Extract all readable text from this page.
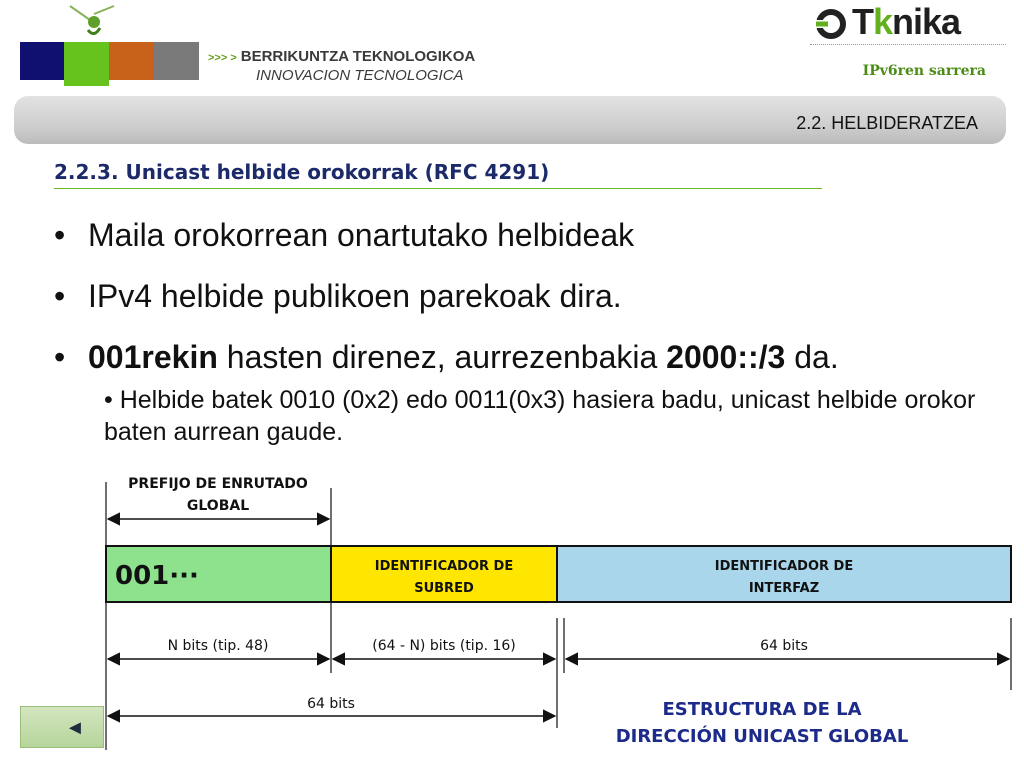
>>> > BERRIKUNTZA TEKNOLOGIKOA
INNOVACION TECNOLOGICA
Tknika
IPv6ren sarrera
2.2. HELBIDERATZEA
2.2.3. Unicast helbide orokorrak (RFC 4291)
• Maila orokorrean onartutako helbideak
• IPv4 helbide publikoen parekoak dira.
• 001rekin hasten direnez, aurrezenbakia 2000::/3 da.
• Helbide batek 0010 (0x2) edo 0011(0x3) hasiera badu, unicast helbide orokor baten aurrean gaude.
PREFIJO DE ENRUTADO
GLOBAL
001···	IDENTIFICADOR DE
SUBRED
IDENTIFICADOR DE
INTERFAZ
N bits (tip. 48)	(64 - N) bits (tip. 16)	64 bits
64 bits
◄
ESTRUCTURA DE LA
DIRECCIÓN UNICAST GLOBAL
